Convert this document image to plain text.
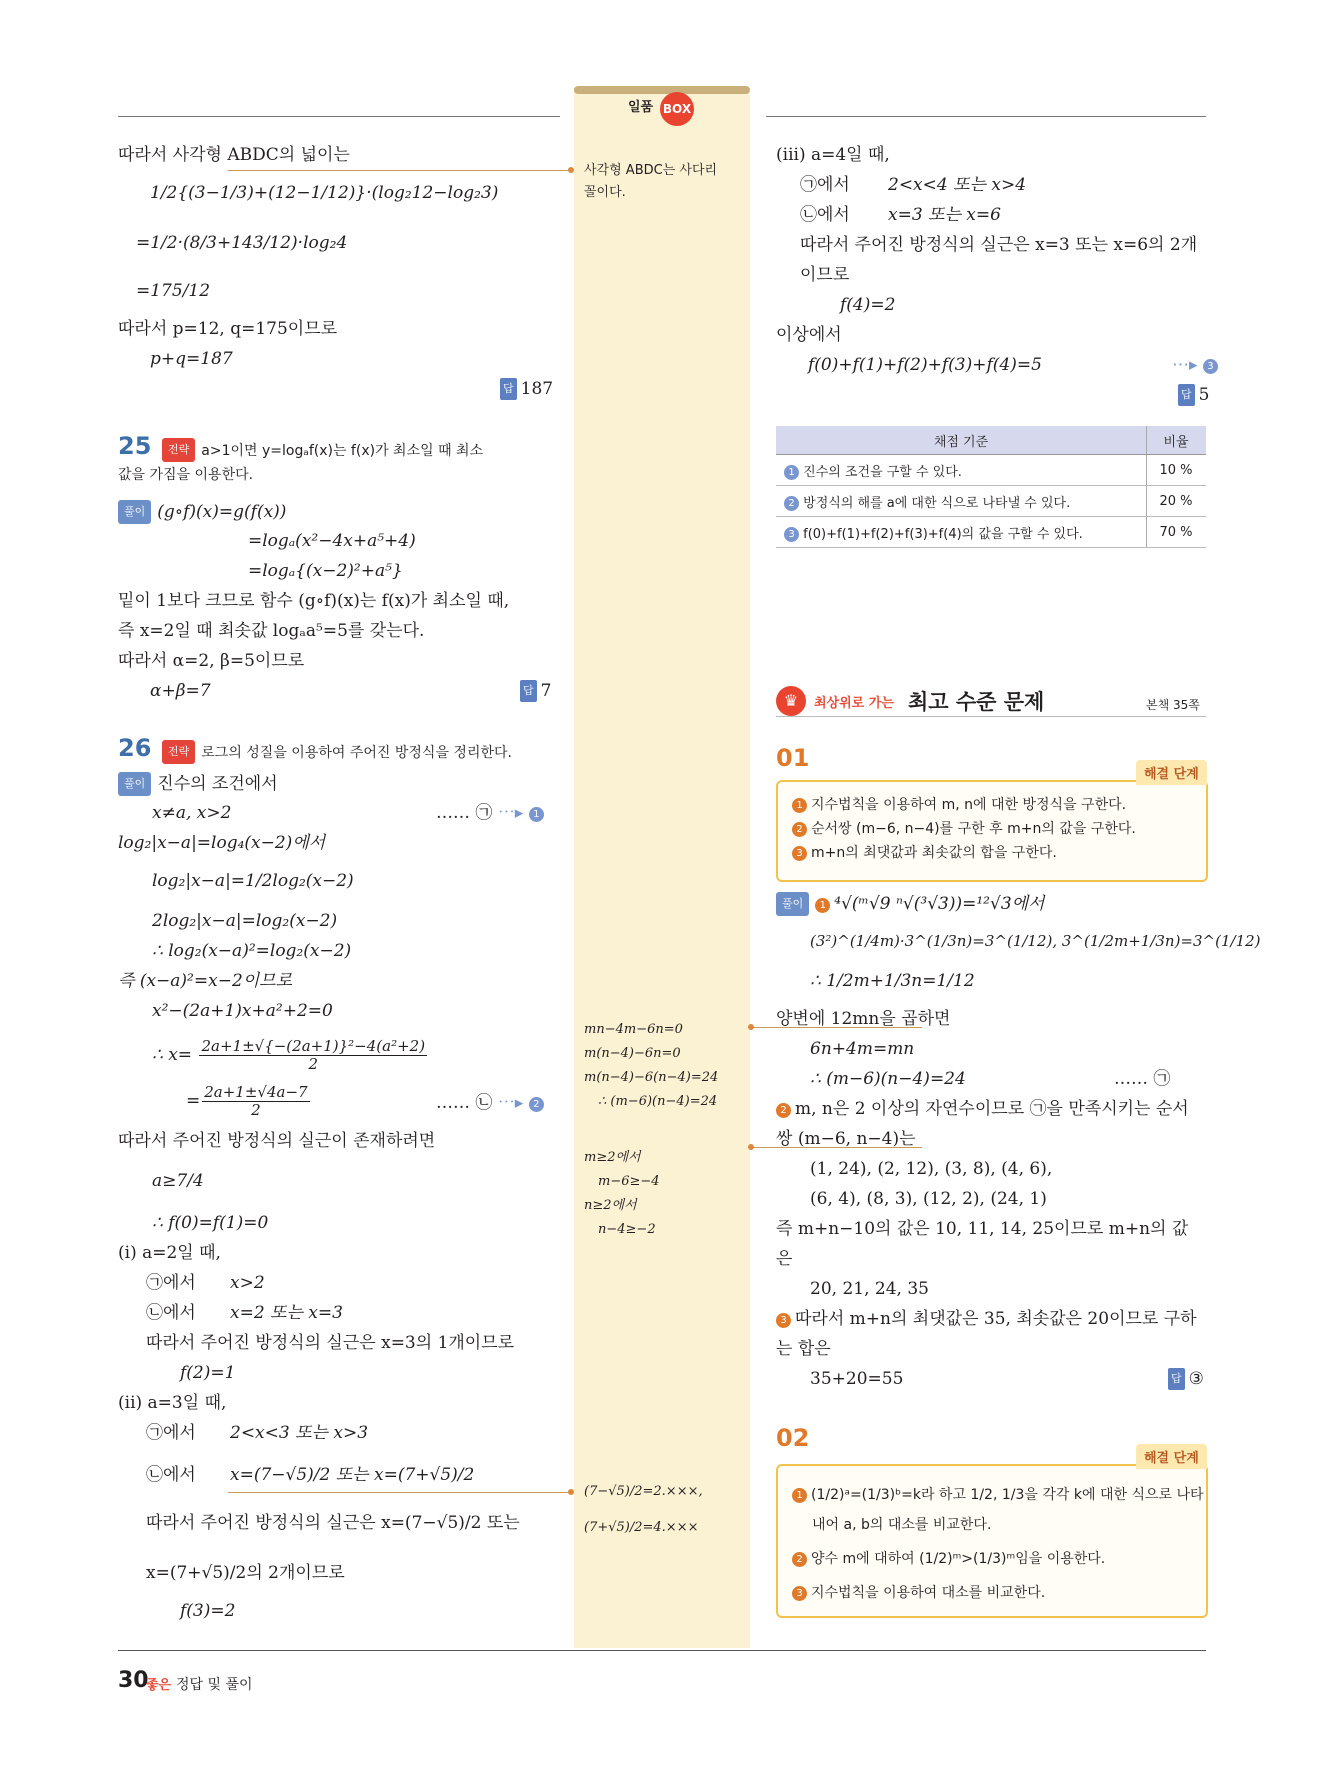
일품 BOX
따라서 사각형 ABDC의 넓이는
1/2{(3−1/3)+(12−1/12)}·(log₂12−log₂3)
=1/2·(8/3+143/12)·log₂4
=175/12
따라서 p=12, q=175이므로
p+q=187
답 187
25	전략 a>1이면 y=logₐf(x)는 f(x)가 최소일 때 최소
값을 가짐을 이용한다.
풀이 (g∘f)(x)=g(f(x))
=logₐ(x²−4x+a⁵+4)
=logₐ{(x−2)²+a⁵}
밑이 1보다 크므로 함수 (g∘f)(x)는 f(x)가 최소일 때,
즉 x=2일 때 최솟값 logₐa⁵=5를 갖는다.
따라서 α=2, β=5이므로
α+β=7	답 7
26	전략 로그의 성질을 이용하여 주어진 방정식을 정리한다.
풀이 진수의 조건에서
x≠a, x>2	…… ㉠ ⋯▸ 1
log₂|x−a|=log₄(x−2)에서
log₂|x−a|=1/2log₂(x−2)
2log₂|x−a|=log₂(x−2)
∴ log₂(x−a)²=log₂(x−2)
즉 (x−a)²=x−2이므로
x²−(2a+1)x+a²+2=0
∴ $x= \frac{\text{2a+1±√\{−(2a+1)\}²−4(a²+2)}}{2}$
= $\frac{2a+1\pm√4a-7}{2}$	…… ㉡ ⋯▸ 2
따라서 주어진 방정식의 실근이 존재하려면
a≥7/4
∴ f(0)=f(1)=0
(i) a=2일 때,
㉠에서 x>2
㉡에서 x=2 또는 x=3
따라서 주어진 방정식의 실근은 x=3의 1개이므로
f(2)=1
(ii) a=3일 때,
㉠에서 2<x<3 또는 x>3
㉡에서 x=(7−√5)/2 또는 x=(7+√5)/2
따라서 주어진 방정식의 실근은 x=(7−√5)/2 또는
x=(7+√5)/2의 2개이므로
f(3)=2
사각형 ABDC는 사다리
꼴이다.
mn−4m−6n=0
m(n−4)−6n=0
m(n−4)−6(n−4)=24
∴ (m−6)(n−4)=24
m≥2에서
m−6≥−4
n≥2에서
n−4≥−2
(7−√5)/2=2.×××,
(7+√5)/2=4.×××
(iii) a=4일 때,
㉠에서 2<x<4 또는 x>4
㉡에서 x=3 또는 x=6
따라서 주어진 방정식의 실근은 x=3 또는 x=6의 2개
이므로
f(4)=2
이상에서
f(0)+f(1)+f(2)+f(3)+f(4)=5	⋯▸ 3
답 5
채점 기준	비율
1 진수의 조건을 구할 수 있다.	10 %
2 방정식의 해를 a에 대한 식으로 나타낼 수 있다.	20 %
3 f(0)+f(1)+f(2)+f(3)+f(4)의 값을 구할 수 있다.	70 %
♛	최상위로 가는 최고 수준 문제	본책 35쪽
01
해결 단계
1 지수법칙을 이용하여 m, n에 대한 방정식을 구한다.
2 순서쌍 (m−6, n−4)를 구한 후 m+n의 값을 구한다.
3 m+n의 최댓값과 최솟값의 합을 구한다.
풀이 1 ⁴√(ᵐ√9 ⁿ√(³√3))=¹²√3에서
(3²)^(1/4m)·3^(1/3n)=3^(1/12), 3^(1/2m+1/3n)=3^(1/12)
∴ 1/2m+1/3n=1/12
양변에 12mn을 곱하면
6n+4m=mn
∴ (m−6)(n−4)=24	…… ㉠
2 m, n은 2 이상의 자연수이므로 ㉠을 만족시키는 순서
쌍 (m−6, n−4)는
(1, 24), (2, 12), (3, 8), (4, 6),
(6, 4), (8, 3), (12, 2), (24, 1)
즉 m+n−10의 값은 10, 11, 14, 25이므로 m+n의 값
은
20, 21, 24, 35
3 따라서 m+n의 최댓값은 35, 최솟값은 20이므로 구하
는 합은
35+20=55	답 ③
02
해결 단계
1 (1/2)ᵃ=(1/3)ᵇ=k라 하고 1/2, 1/3을 각각 k에 대한 식으로 나타
내어 a, b의 대소를 비교한다.
2 양수 m에 대하여 (1/2)ᵐ>(1/3)ᵐ임을 이용한다.
3 지수법칙을 이용하여 대소를 비교한다.
30
좋은 정답 및 풀이
